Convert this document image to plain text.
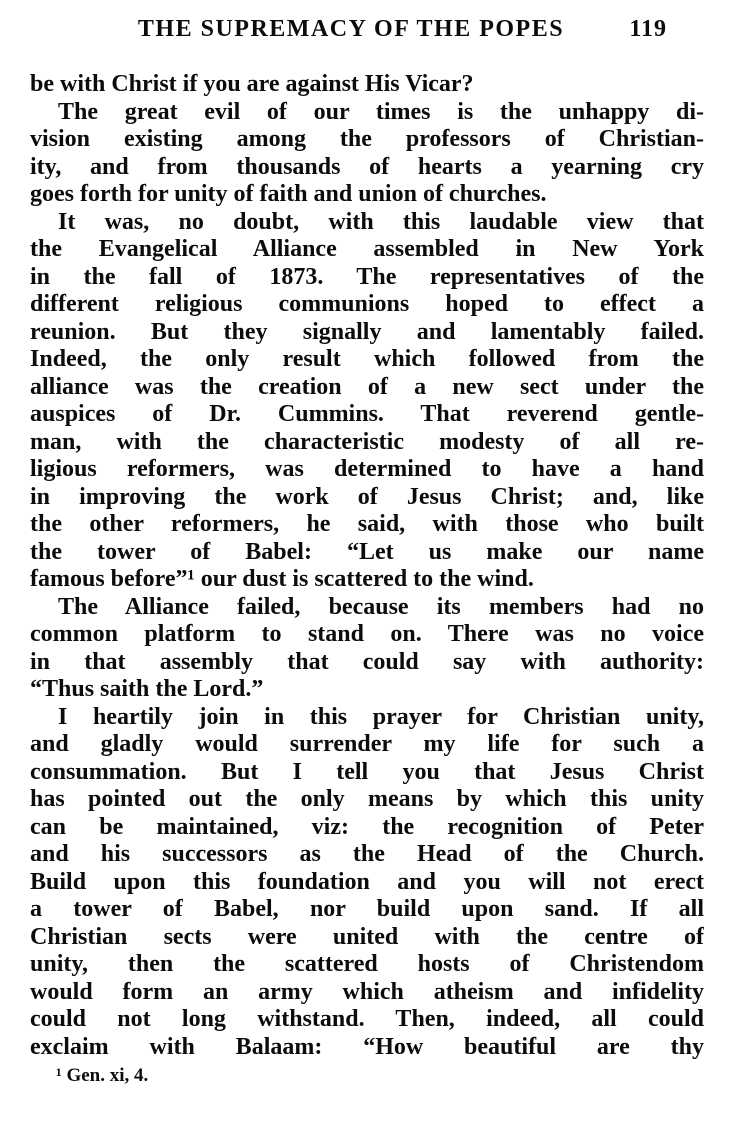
THE SUPREMACY OF THE POPES	119
be with Christ if you are against His Vicar?
The great evil of our times is the unhappy di-
vision existing among the professors of Christian-
ity, and from thousands of hearts a yearning cry
goes forth for unity of faith and union of churches.
It was, no doubt, with this laudable view that
the Evangelical Alliance assembled in New York
in the fall of 1873. The representatives of the
different religious communions hoped to effect a
reunion. But they signally and lamentably failed.
Indeed, the only result which followed from the
alliance was the creation of a new sect under the
auspices of Dr. Cummins. That reverend gentle-
man, with the characteristic modesty of all re-
ligious reformers, was determined to have a hand
in improving the work of Jesus Christ; and, like
the other reformers, he said, with those who built
the tower of Babel: “Let us make our name
famous before”¹ our dust is scattered to the wind.
The Alliance failed, because its members had no
common platform to stand on. There was no voice
in that assembly that could say with authority:
“Thus saith the Lord.”
I heartily join in this prayer for Christian unity,
and gladly would surrender my life for such a
consummation. But I tell you that Jesus Christ
has pointed out the only means by which this unity
can be maintained, viz: the recognition of Peter
and his successors as the Head of the Church.
Build upon this foundation and you will not erect
a tower of Babel, nor build upon sand. If all
Christian sects were united with the centre of
unity, then the scattered hosts of Christendom
would form an army which atheism and infidelity
could not long withstand. Then, indeed, all could
exclaim with Balaam: “How beautiful are thy
¹ Gen. xi, 4.
